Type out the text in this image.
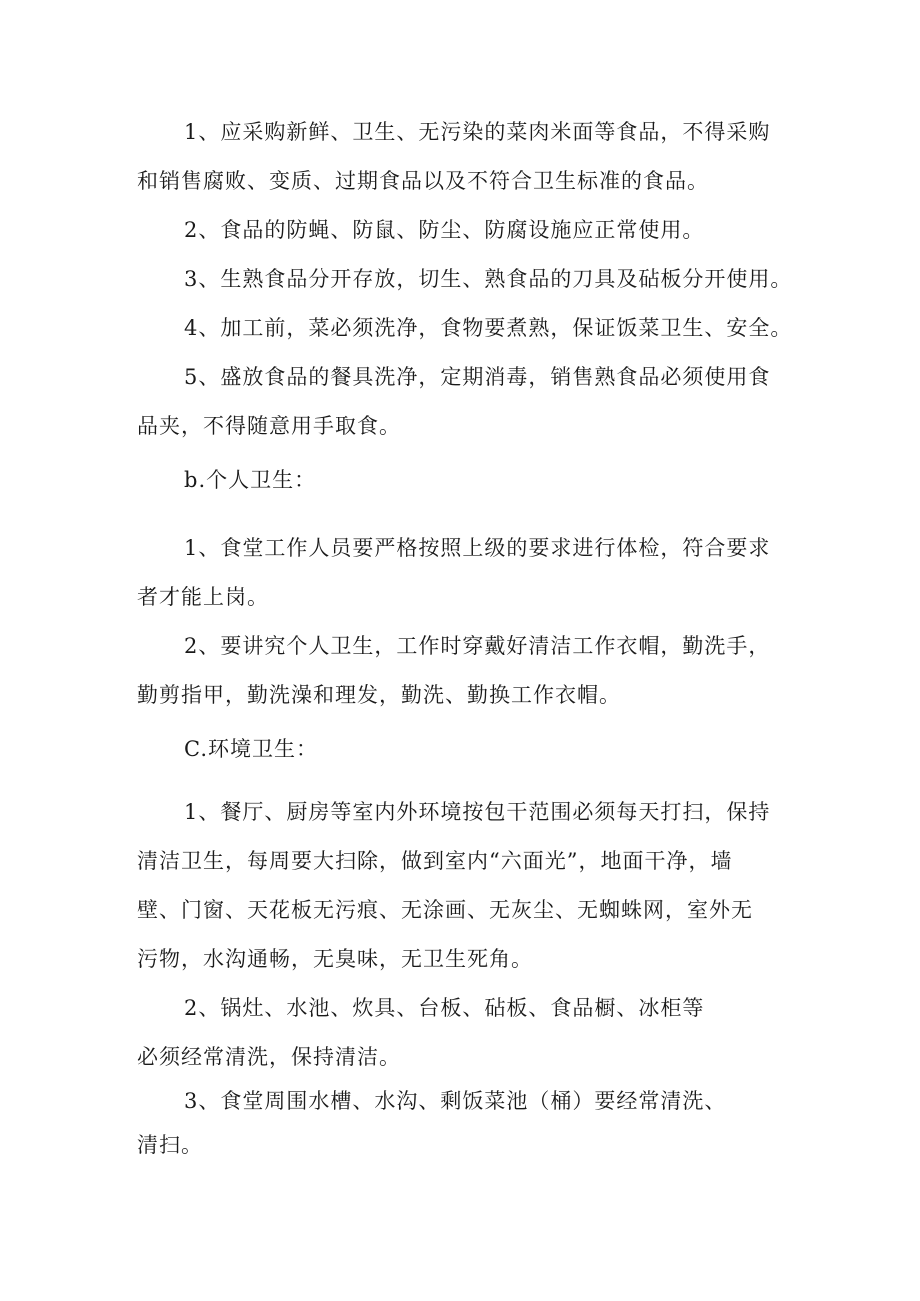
1、应采购新鲜、卫生、无污染的菜肉米面等食品，不得采购
和销售腐败、变质、过期食品以及不符合卫生标准的食品。
2、食品的防蝇、防鼠、防尘、防腐设施应正常使用。
3、生熟食品分开存放，切生、熟食品的刀具及砧板分开使用。
4、加工前，菜必须洗净，食物要煮熟，保证饭菜卫生、安全。
5、盛放食品的餐具洗净，定期消毒，销售熟食品必须使用食
品夹，不得随意用手取食。
b.个人卫生：
1、食堂工作人员要严格按照上级的要求进行体检，符合要求
者才能上岗。
2、要讲究个人卫生，工作时穿戴好清洁工作衣帽，勤洗手，
勤剪指甲，勤洗澡和理发，勤洗、勤换工作衣帽。
C.环境卫生：
1、餐厅、厨房等室内外环境按包干范围必须每天打扫，保持
清洁卫生，每周要大扫除，做到室内“六面光”，地面干净，墙
壁、门窗、天花板无污痕、无涂画、无灰尘、无蜘蛛网，室外无
污物，水沟通畅，无臭味，无卫生死角。
2、锅灶、水池、炊具、台板、砧板、食品橱、冰柜等
必须经常清洗，保持清洁。
3、食堂周围水槽、水沟、剩饭菜池（桶）要经常清洗、
清扫。
